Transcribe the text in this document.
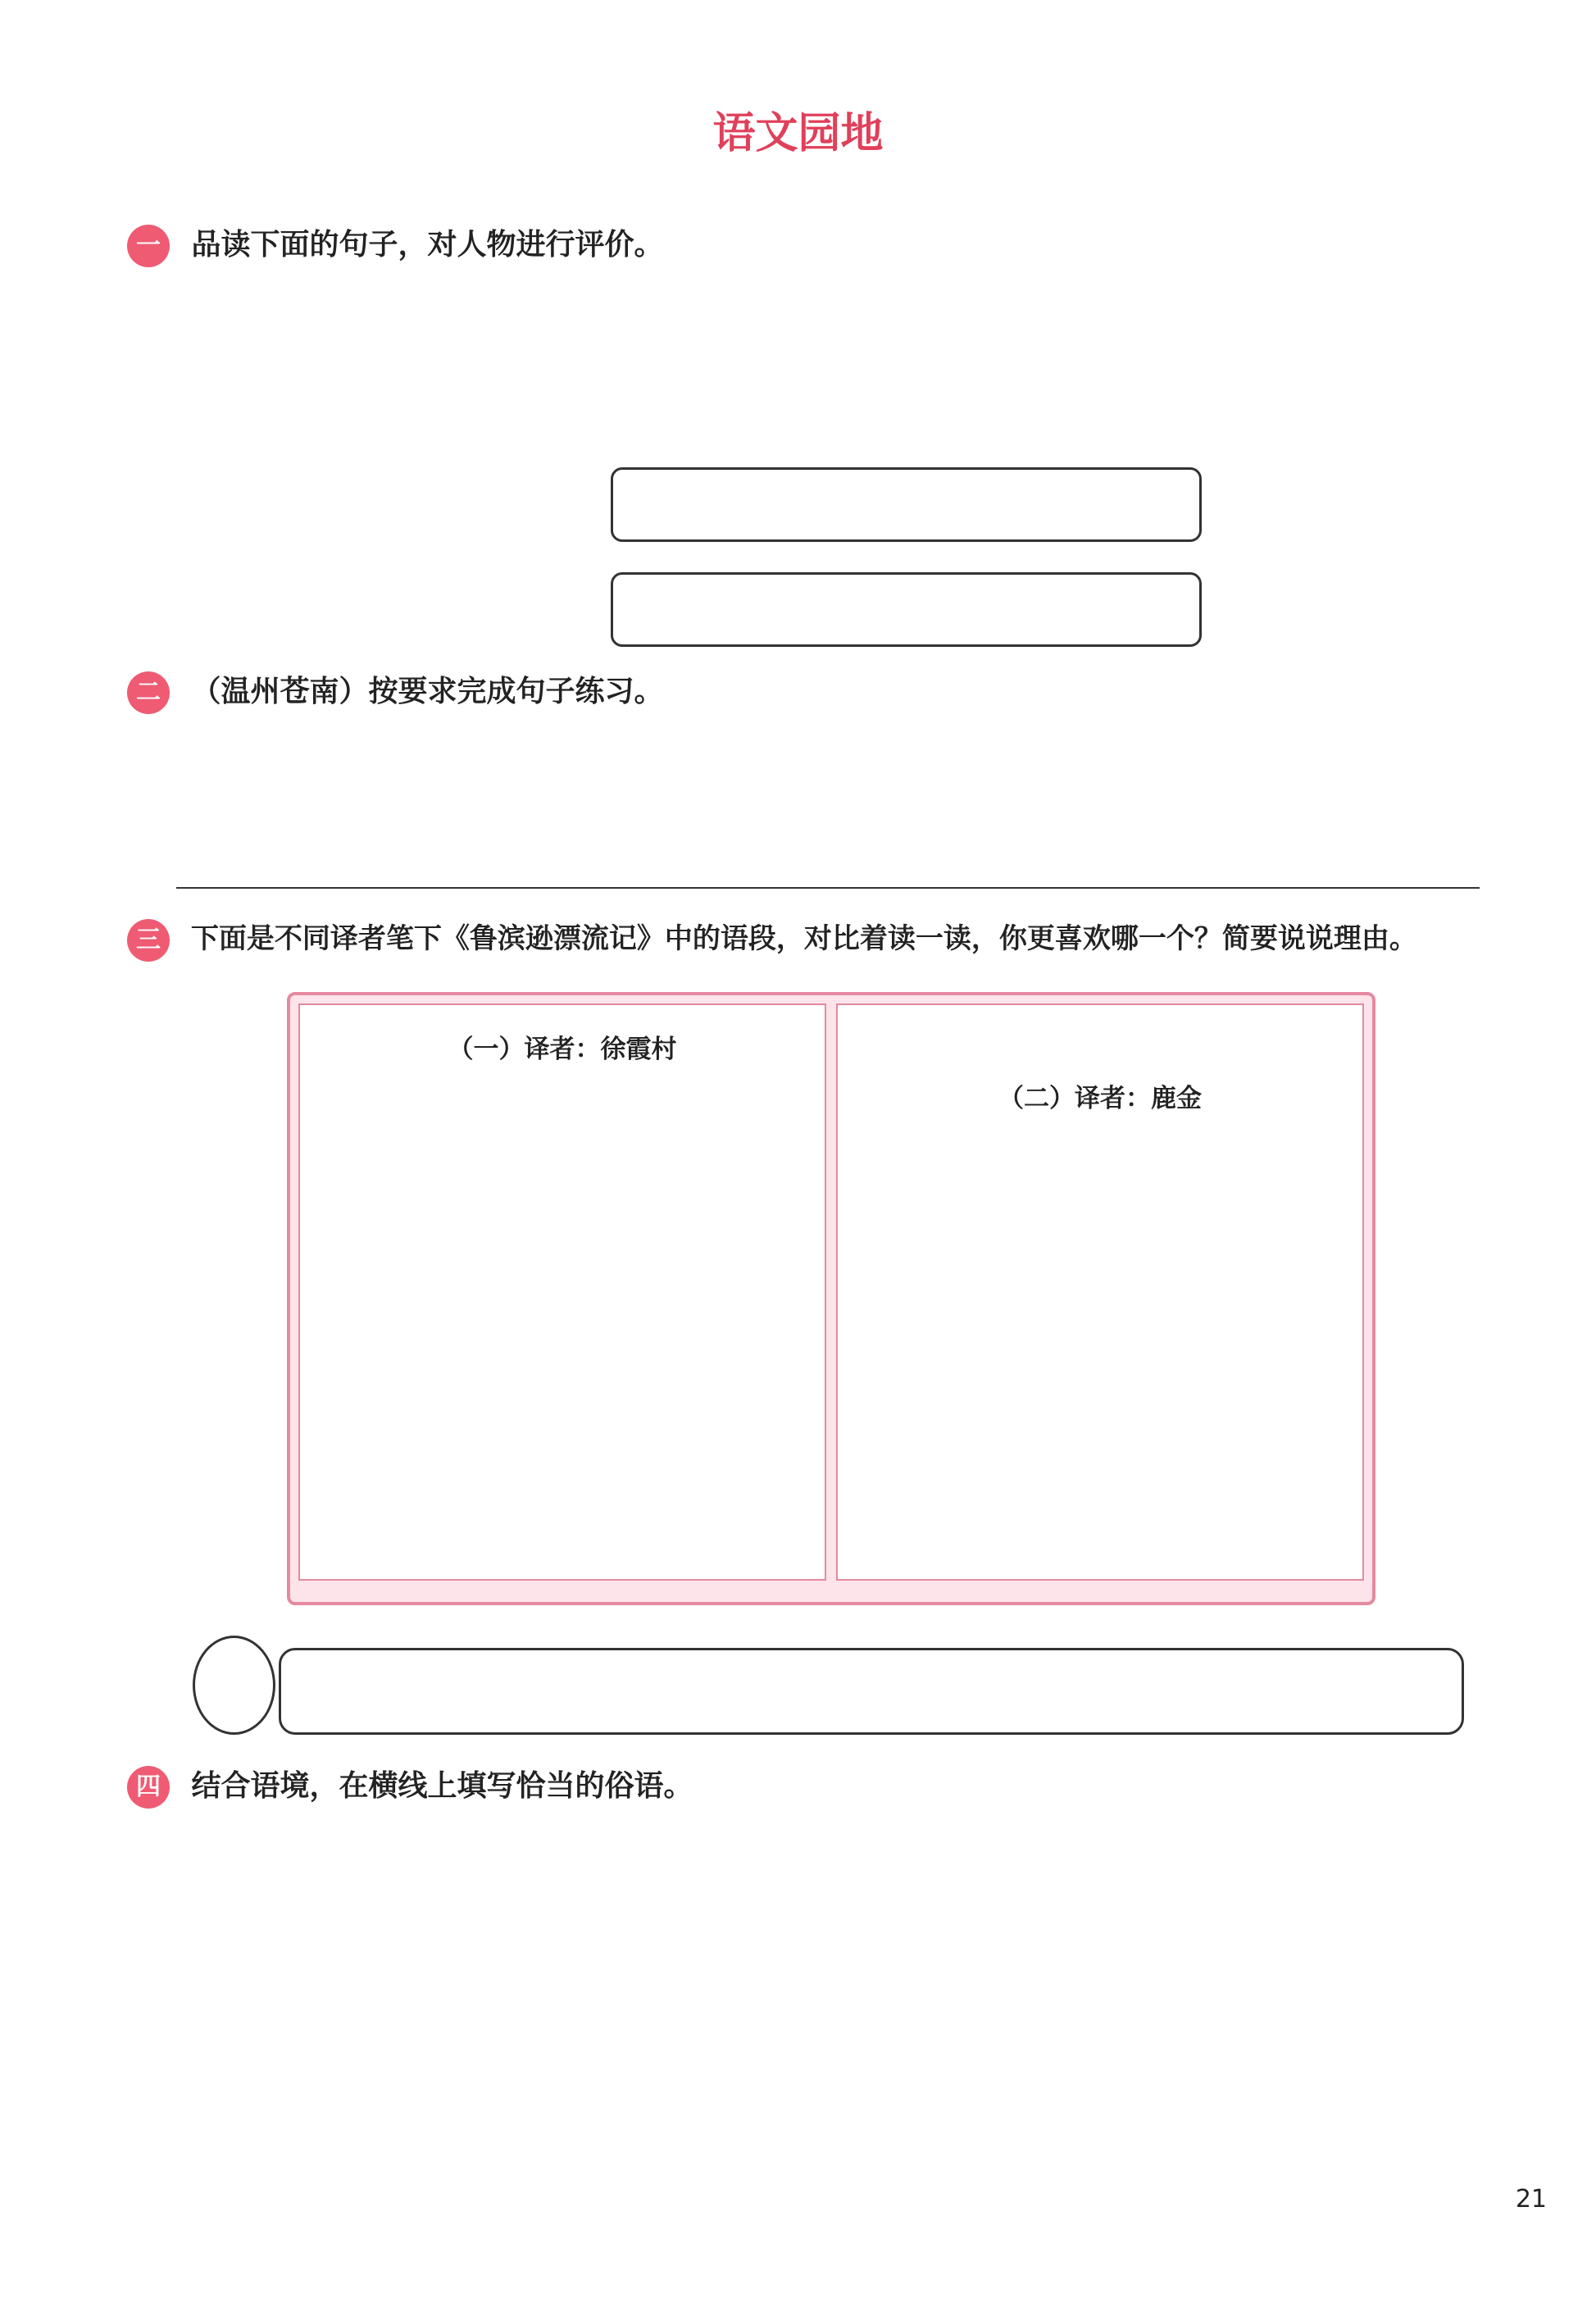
语文园地
一 品读下面的句子，对人物进行评价。
二 （温州苍南）按要求完成句子练习。
三 下面是不同译者笔下《鲁滨逊漂流记》中的语段，对比着读一读，你更喜欢哪一个？简要说说理由。

（一）译者：徐霞村

（二）译者：鹿金

四 结合语境，在横线上填写恰当的俗语。
21
